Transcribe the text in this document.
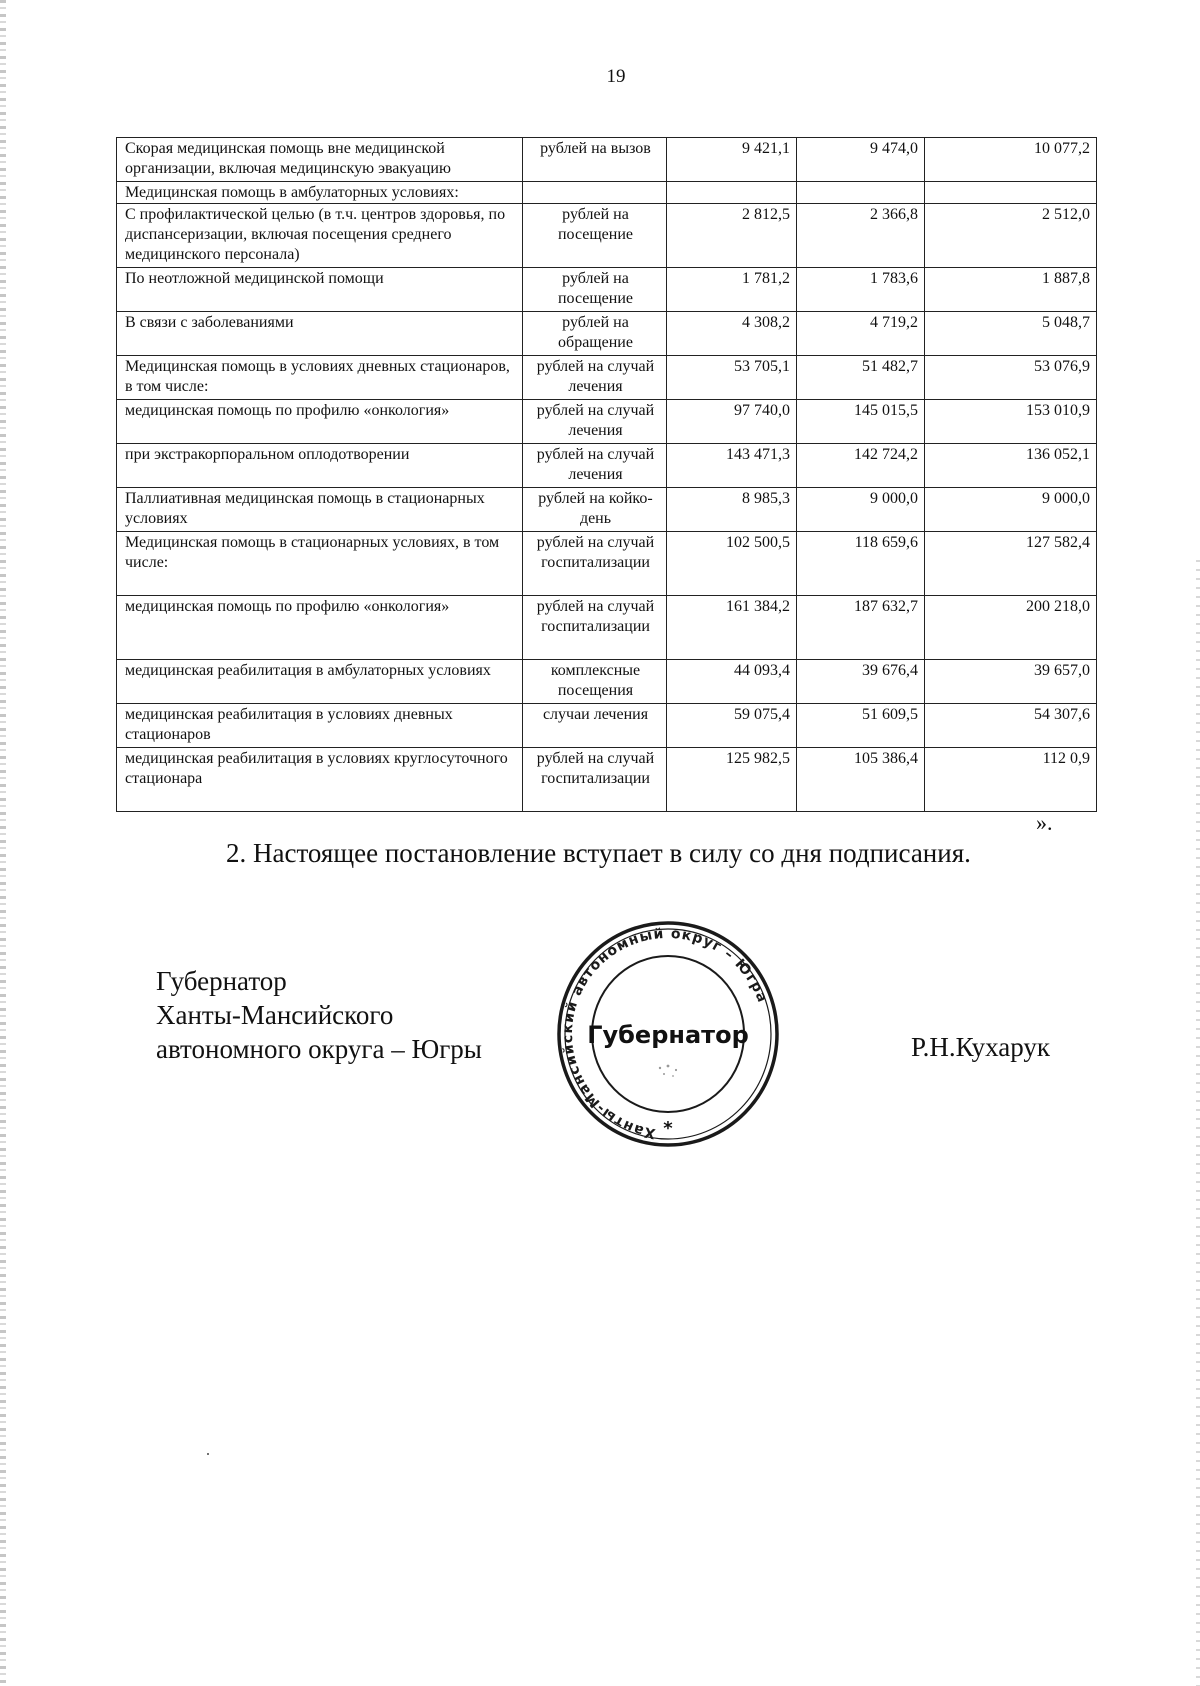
19
Скорая медицинская помощь вне медицинской организации, включая медицинскую эвакуацию	рублей на вызов	9 421,1	9 474,0	10 077,2
Медицинская помощь в амбулаторных условиях:				
С профилактической целью (в т.ч. центров здоровья, по диспансеризации, включая посещения среднего медицинского персонала)	рублей на посещение	2 812,5	2 366,8	2 512,0
По неотложной медицинской помощи	рублей на посещение	1 781,2	1 783,6	1 887,8
В связи с заболеваниями	рублей на обращение	4 308,2	4 719,2	5 048,7
Медицинская помощь в условиях дневных стационаров, в том числе:	рублей на случай лечения	53 705,1	51 482,7	53 076,9
медицинская помощь по профилю «онкология»	рублей на случай лечения	97 740,0	145 015,5	153 010,9
при экстракорпоральном оплодотворении	рублей на случай лечения	143 471,3	142 724,2	136 052,1
Паллиативная медицинская помощь в стационарных условиях	рублей на койко-день	8 985,3	9 000,0	9 000,0
Медицинская помощь в стационарных условиях, в том числе:	рублей на случай госпитализации	102 500,5	118 659,6	127 582,4
медицинская помощь по профилю «онкология»	рублей на случай госпитализации	161 384,2	187 632,7	200 218,0
медицинская реабилитация в амбулаторных условиях	комплексные посещения	44 093,4	39 676,4	39 657,0
медицинская реабилитация в условиях дневных стационаров	случаи лечения	59 075,4	51 609,5	54 307,6
медицинская реабилитация в условиях круглосуточного стационара	рублей на случай госпитализации	125 982,5	105 386,4	112 0,9
».
2. Настоящее постановление вступает в силу со дня подписания.
Губернатор
Ханты-Мансийского
автономного округа – Югры
Ханты-Мансийский автономный округ – Югра
Губернатор
*
Р.Н.Кухарук
